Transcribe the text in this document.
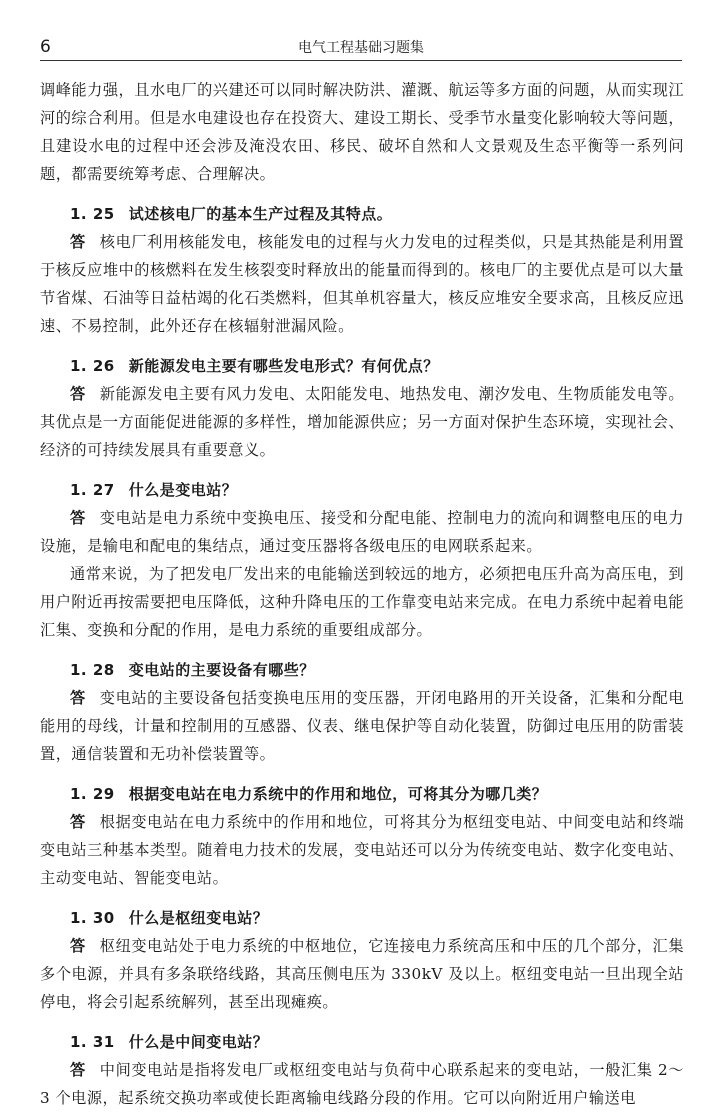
6	电气工程基础习题集

调峰能力强，且水电厂的兴建还可以同时解决防洪、灌溉、航运等多方面的问题，从而实现江河的综合利用。但是水电建设也存在投资大、建设工期长、受季节水量变化影响较大等问题，且建设水电的过程中还会涉及淹没农田、移民、破坏自然和人文景观及生态平衡等一系列问题，都需要统筹考虑、合理解决。

1. 25 试述核电厂的基本生产过程及其特点。

答 核电厂利用核能发电，核能发电的过程与火力发电的过程类似，只是其热能是利用置于核反应堆中的核燃料在发生核裂变时释放出的能量而得到的。核电厂的主要优点是可以大量节省煤、石油等日益枯竭的化石类燃料，但其单机容量大，核反应堆安全要求高，且核反应迅速、不易控制，此外还存在核辐射泄漏风险。

1. 26 新能源发电主要有哪些发电形式？有何优点？

答 新能源发电主要有风力发电、太阳能发电、地热发电、潮汐发电、生物质能发电等。其优点是一方面能促进能源的多样性，增加能源供应；另一方面对保护生态环境，实现社会、经济的可持续发展具有重要意义。

1. 27 什么是变电站？

答 变电站是电力系统中变换电压、接受和分配电能、控制电力的流向和调整电压的电力设施，是输电和配电的集结点，通过变压器将各级电压的电网联系起来。

通常来说，为了把发电厂发出来的电能输送到较远的地方，必须把电压升高为高压电，到用户附近再按需要把电压降低，这种升降电压的工作靠变电站来完成。在电力系统中起着电能汇集、变换和分配的作用，是电力系统的重要组成部分。

1. 28 变电站的主要设备有哪些？

答 变电站的主要设备包括变换电压用的变压器，开闭电路用的开关设备，汇集和分配电能用的母线，计量和控制用的互感器、仪表、继电保护等自动化装置，防御过电压用的防雷装置，通信装置和无功补偿装置等。

1. 29 根据变电站在电力系统中的作用和地位，可将其分为哪几类？

答 根据变电站在电力系统中的作用和地位，可将其分为枢纽变电站、中间变电站和终端变电站三种基本类型。随着电力技术的发展，变电站还可以分为传统变电站、数字化变电站、主动变电站、智能变电站。

1. 30 什么是枢纽变电站？

答 枢纽变电站处于电力系统的中枢地位，它连接电力系统高压和中压的几个部分，汇集多个电源，并具有多条联络线路，其高压侧电压为 330kV 及以上。枢纽变电站一旦出现全站停电，将会引起系统解列，甚至出现瘫痪。

1. 31 什么是中间变电站？

答 中间变电站是指将发电厂或枢纽变电站与负荷中心联系起来的变电站，一般汇集 2～3 个电源，起系统交换功率或使长距离输电线路分段的作用。它可以向附近用户输送电
